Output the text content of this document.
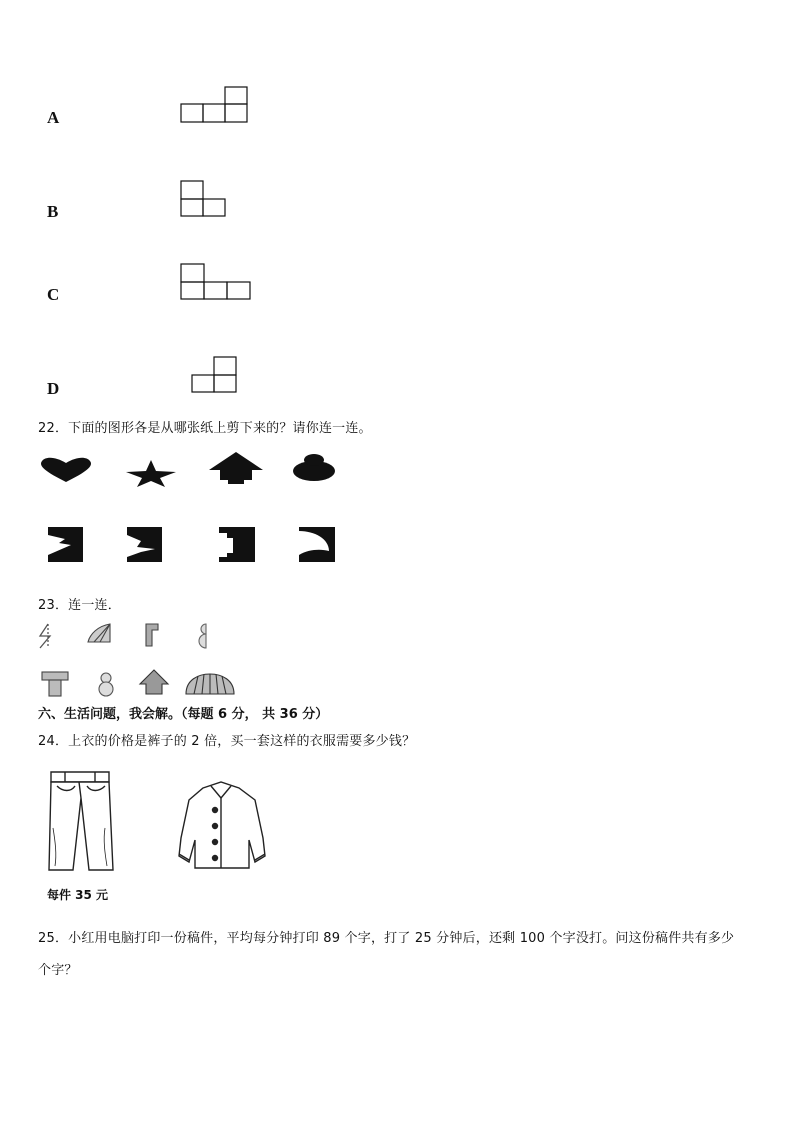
A
B
C
D
22．下面的图形各是从哪张纸上剪下来的？请你连一连。
23．连一连．
六、生活问题，我会解。（每题 6 分， 共 36 分）
24．上衣的价格是裤子的 2 倍，买一套这样的衣服需要多少钱？
每件 35 元
25．小红用电脑打印一份稿件，平均每分钟打印 89 个字，打了 25 分钟后，还剩 100 个字没打。问这份稿件共有多少
个字？
